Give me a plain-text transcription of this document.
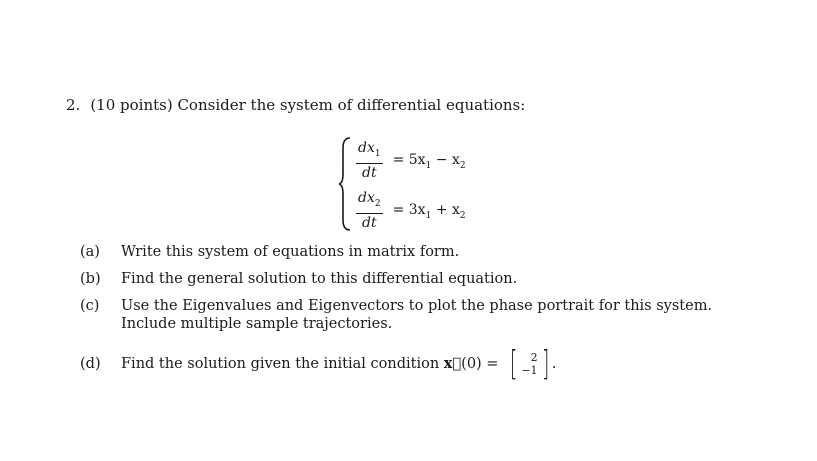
2. (10 points) Consider the system of differential equations:
$\frac{dx_1}{dt} = 5x_1 - x_2$
$\frac{dx_2}{dt} = 3x_1 + x_2$
(a)	Write this system of equations in matrix form.
(b)	Find the general solution to this differential equation.
(c)	Use the Eigenvalues and Eigenvectors to plot the phase portrait for this system. Include multiple sample trajectories.
(d)	Find the solution given the initial condition x⃗(0) = [ 2
−1 ] .
